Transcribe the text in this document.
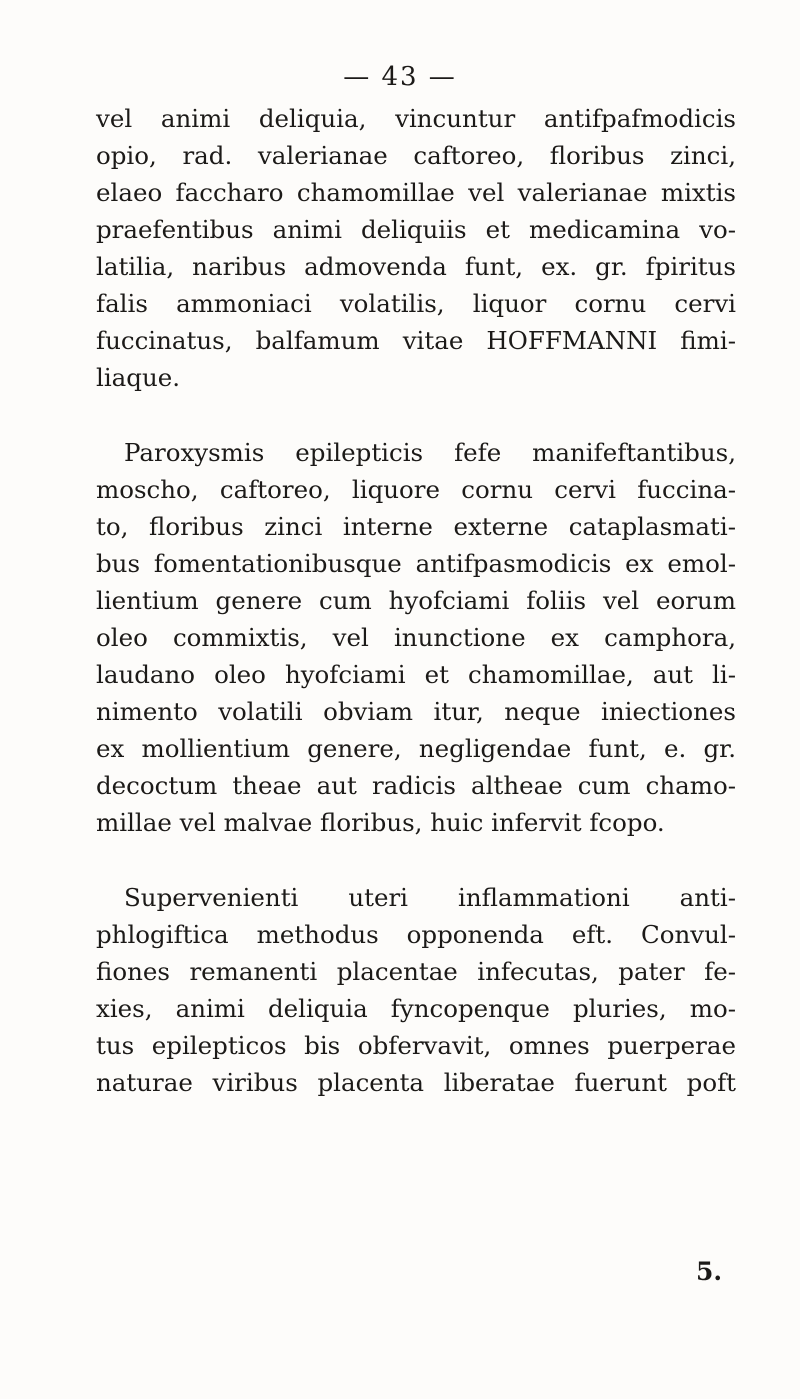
— 43 —
vel animi deliquia, vincuntur antifpafmodicis
opio, rad. valerianae caftoreo, floribus zinci,
elaeo faccharo chamomillae vel valerianae mixtis
praefentibus animi deliquiis et medicamina vo-
latilia, naribus admovenda funt, ex. gr. fpiritus
falis ammoniaci volatilis, liquor cornu cervi
fuccinatus, balfamum vitae HOFFMANNI fimi-
liaque.
Paroxysmis epilepticis fefe manifeftantibus,
moscho, caftoreo, liquore cornu cervi fuccina-
to, floribus zinci interne externe cataplasmati-
bus fomentationibusque antifpasmodicis ex emol-
lientium genere cum hyofciami foliis vel eorum
oleo commixtis, vel inunctione ex camphora,
laudano oleo hyofciami et chamomillae, aut li-
nimento volatili obviam itur, neque iniectiones
ex mollientium genere, negligendae funt, e. gr.
decoctum theae aut radicis altheae cum chamo-
millae vel malvae floribus, huic infervit fcopo.
Supervenienti uteri inflammationi anti-
phlogiftica methodus opponenda eft. Convul-
fiones remanenti placentae infecutas, pater fe-
xies, animi deliquia fyncopenque pluries, mo-
tus epilepticos bis obfervavit, omnes puerperae
naturae viribus placenta liberatae fuerunt poft
5.
